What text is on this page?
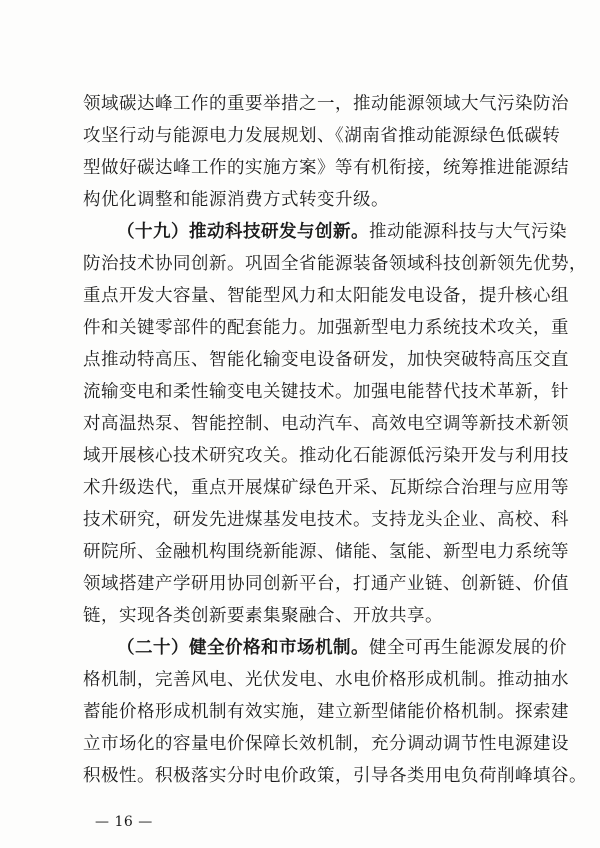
领域碳达峰工作的重要举措之一，推动能源领域大气污染防治
攻坚行动与能源电力发展规划、《湖南省推动能源绿色低碳转
型做好碳达峰工作的实施方案》等有机衔接，统筹推进能源结
构优化调整和能源消费方式转变升级。
（十九）推动科技研发与创新。推动能源科技与大气污染
防治技术协同创新。巩固全省能源装备领域科技创新领先优势，
重点开发大容量、智能型风力和太阳能发电设备，提升核心组
件和关键零部件的配套能力。加强新型电力系统技术攻关，重
点推动特高压、智能化输变电设备研发，加快突破特高压交直
流输变电和柔性输变电关键技术。加强电能替代技术革新，针
对高温热泵、智能控制、电动汽车、高效电空调等新技术新领
域开展核心技术研究攻关。推动化石能源低污染开发与利用技
术升级迭代，重点开展煤矿绿色开采、瓦斯综合治理与应用等
技术研究，研发先进煤基发电技术。支持龙头企业、高校、科
研院所、金融机构围绕新能源、储能、氢能、新型电力系统等
领域搭建产学研用协同创新平台，打通产业链、创新链、价值
链，实现各类创新要素集聚融合、开放共享。
（二十）健全价格和市场机制。健全可再生能源发展的价
格机制，完善风电、光伏发电、水电价格形成机制。推动抽水
蓄能价格形成机制有效实施，建立新型储能价格机制。探索建
立市场化的容量电价保障长效机制，充分调动调节性电源建设
积极性。积极落实分时电价政策，引导各类用电负荷削峰填谷。
— 16 —
